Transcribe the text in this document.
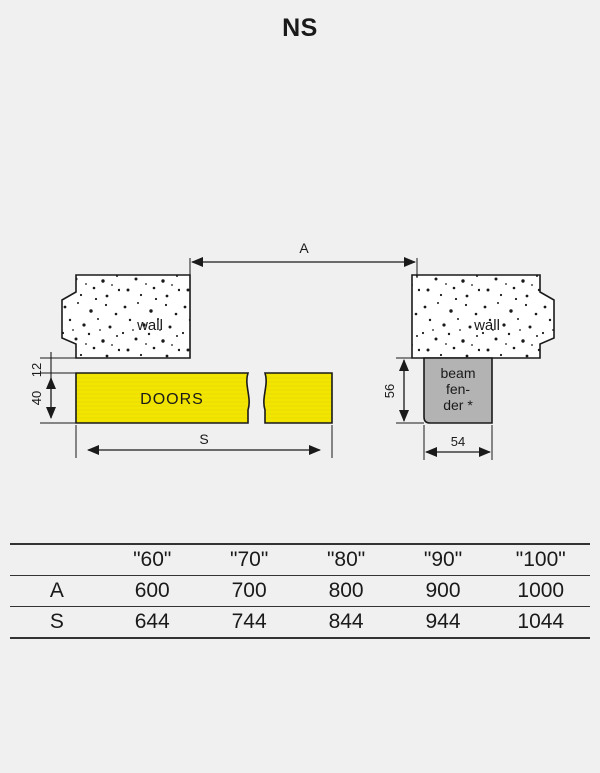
NS
wall	wall
DOORS
beam
fen-
der *
A
S
12
40	56
54
	"60"	"70"	"80"	"90"	"100"
A	600	700	800	900	1000
S	644	744	844	944	1044
